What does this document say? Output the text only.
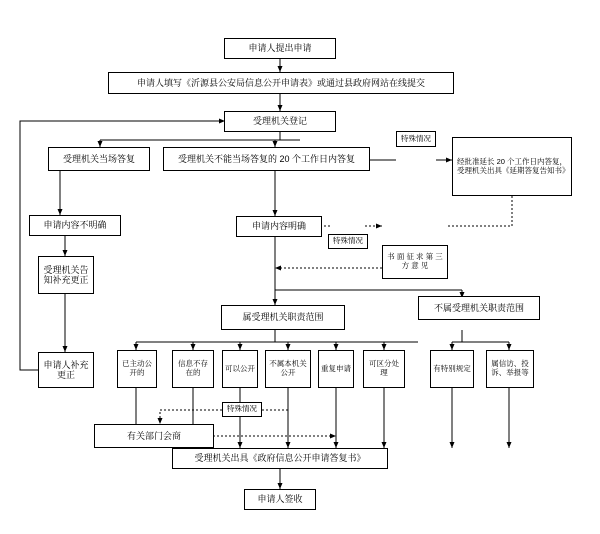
申请人提出申请
申请人填写《沂源县公安局信息公开申请表》或通过县政府网站在线提交
受理机关登记
受理机关当场答复	受理机关不能当场答复的 20 个工作日内答复	经批准延长 20 个工作日内答复，受理机关出具《延期答复告知书》
申请内容不明确	申请内容明确
书 面 征 求 第 三 方 意 见
受理机关告知补充更正
属受理机关职责范围
不属受理机关职责范围
申请人补充更正
已主动公开的
信息不存在的	可以公开 不属本机关公开	重复申请	可区分处理	有特别规定	属信访、投诉、举报等
有关部门会商
受理机关出具《政府信息公开申请答复书》
申请人签收
特殊情况
特殊情况
特殊情况
